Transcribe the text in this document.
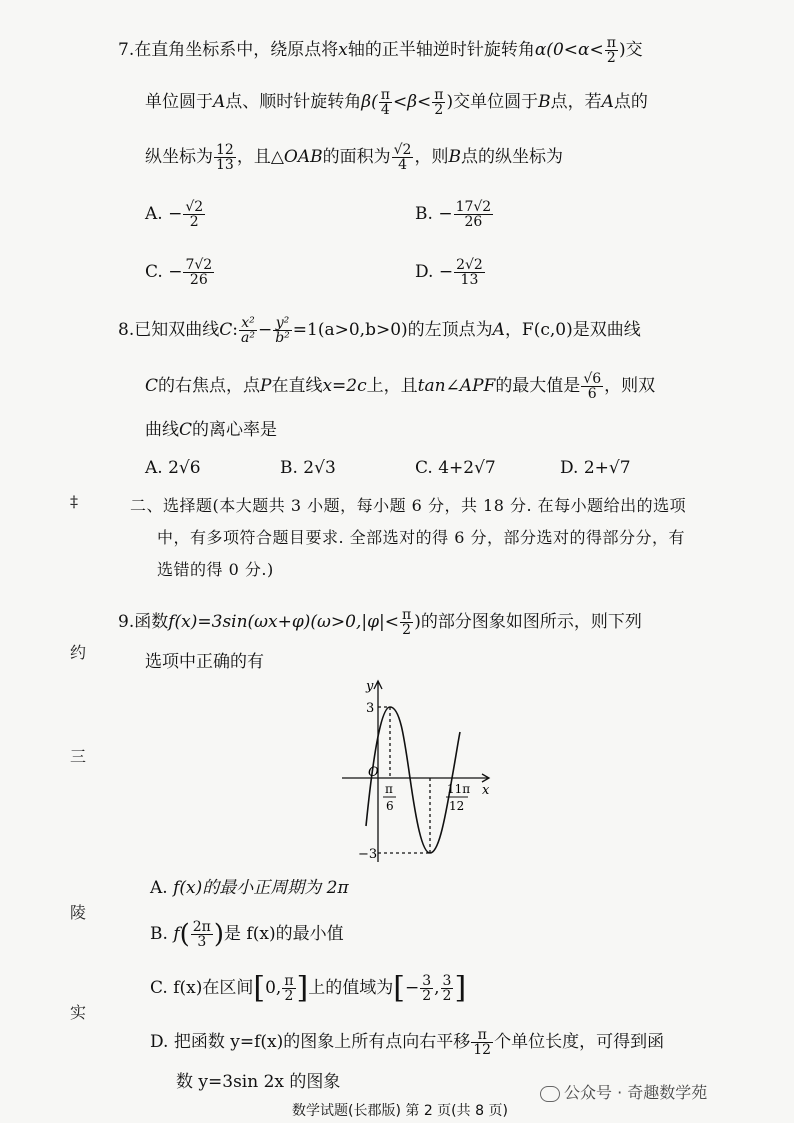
7.在直角坐标系中，绕原点将x轴的正半轴逆时针旋转角$\alpha(0<\alpha< \frac{\pi}{2}$ )交
单位圆于A点、顺时针旋转角$\beta( \frac{\pi}{4} <\beta< \frac{\pi}{2}$ )交单位圆于B点，若A点的
纵坐标为 $\frac{12}{13}$ ，且△OAB的面积为 $\frac{√2}{4}$ ，则B点的纵坐标为
A. − $\frac{√2}{2}$	B. − $\frac{17√2}{26}$
C. − $\frac{7√2}{26}$	D. − $\frac{2√2}{13}$
8.已知双曲线C: $\frac{\text{x²}}{\text{a²}} - \frac{\text{y²}}{\text{b²}} =1(a>0,b>0)$的左顶点为A，F(c,0)是双曲线
C的右焦点，点P在直线x=2c上，且tan∠APF的最大值是 $\frac{√6}{6}$ ，则双
曲线C的离心率是
A. 2√6	B. 2√3	C. 4+2√7	D. 2+√7
二、选择题(本大题共 3 小题，每小题 6 分，共 18 分. 在每小题给出的选项
中，有多项符合题目要求. 全部选对的得 6 分，部分选对的得部分分，有
选错的得 0 分.)
9.函数$f(x)=3\sin(\omega x+\varphi)(\omega>0,|\varphi|< \frac{\pi}{2}$ )的部分图象如图所示，则下列
选项中正确的有
y
x
O
3
−3
π
6
11π
12
A. f(x)的最小正周期为 2π
B. $f( \frac{2\pi}{3}$ )是 f(x)的最小值
C. f(x)在区间[0, $\frac{\pi}{2}$ ]上的值域为[− $\frac{3}{2}$ , $\frac{3}{2}$ ]
D. 把函数 y=f(x)的图象上所有点向右平移 $\frac{\pi}{12}$ 个单位长度，可得到函
数 y=3sin 2x 的图象
‡
约
三
陵
实
数学试题(长郡版) 第 2 页(共 8 页)
公众号 · 奇趣数学苑
